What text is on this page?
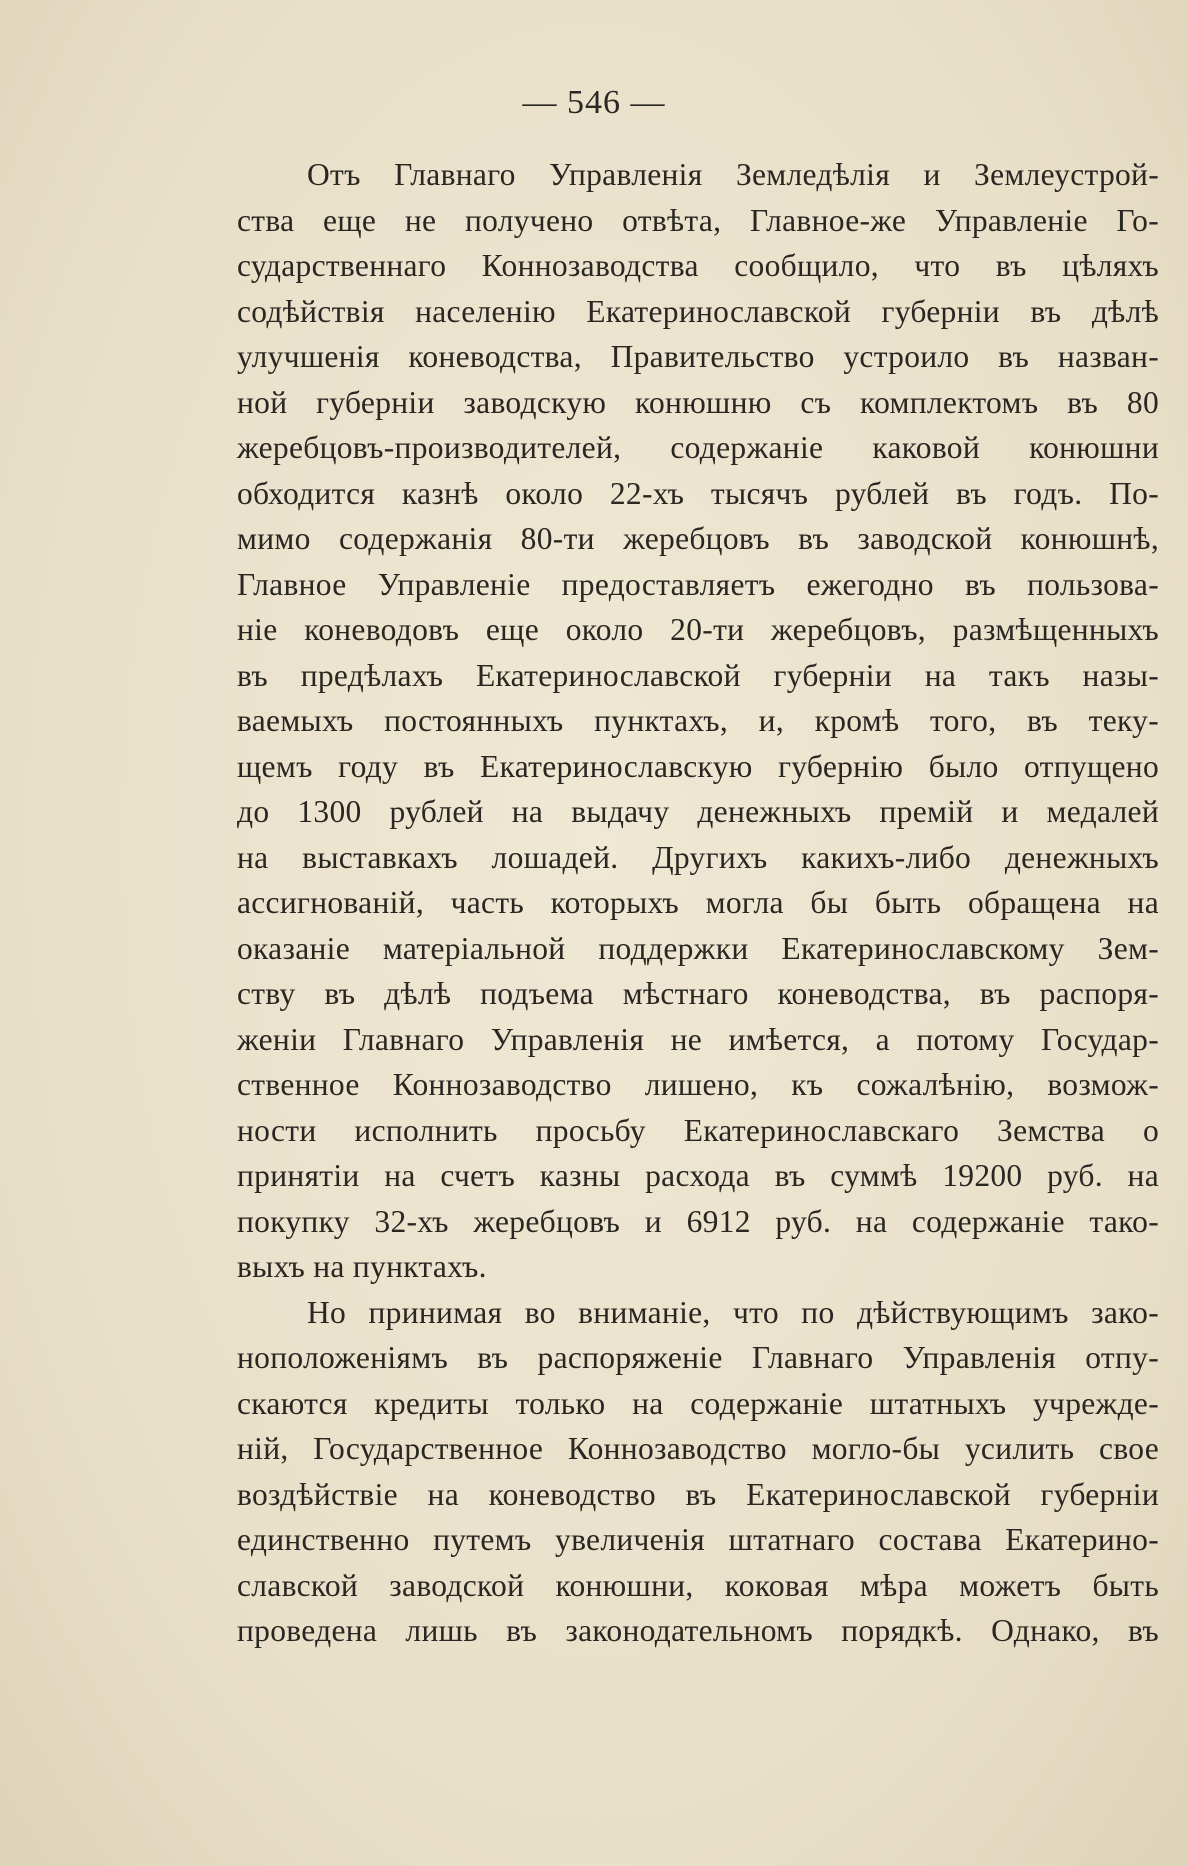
— 546 —
Отъ Главнаго Управленія Земледѣлія и Землеустрой-
ства еще не получено отвѣта, Главное-же Управленіе Го-
сударственнаго Коннозаводства сообщило, что въ цѣляхъ
содѣйствія населенію Екатеринославской губерніи въ дѣлѣ
улучшенія коневодства, Правительство устроило въ назван-
ной губерніи заводскую конюшню съ комплектомъ въ 80
жеребцовъ-производителей, содержаніе каковой конюшни
обходится казнѣ около 22-хъ тысячъ рублей въ годъ. По-
мимо содержанія 80-ти жеребцовъ въ заводской конюшнѣ,
Главное Управленіе предоставляетъ ежегодно въ пользова-
ніе коневодовъ еще около 20-ти жеребцовъ, размѣщенныхъ
въ предѣлахъ Екатеринославской губерніи на такъ назы-
ваемыхъ постоянныхъ пунктахъ, и, кромѣ того, въ теку-
щемъ году въ Екатеринославскую губернію было отпущено
до 1300 рублей на выдачу денежныхъ премій и медалей
на выставкахъ лошадей. Другихъ какихъ-либо денежныхъ
ассигнованій, часть которыхъ могла бы быть обращена на
оказаніе матеріальной поддержки Екатеринославскому Зем-
ству въ дѣлѣ подъема мѣстнаго коневодства, въ распоря-
женіи Главнаго Управленія не имѣется, а потому Государ-
ственное Коннозаводство лишено, къ сожалѣнію, возмож-
ности исполнить просьбу Екатеринославскаго Земства о
принятіи на счетъ казны расхода въ суммѣ 19200 руб. на
покупку 32-хъ жеребцовъ и 6912 руб. на содержаніе тако-
выхъ на пунктахъ.
Но принимая во вниманіе, что по дѣйствующимъ зако-
ноположеніямъ въ распоряженіе Главнаго Управленія отпу-
скаются кредиты только на содержаніе штатныхъ учрежде-
ній, Государственное Коннозаводство могло-бы усилить свое
воздѣйствіе на коневодство въ Екатеринославской губерніи
единственно путемъ увеличенія штатнаго состава Екатерино-
славской заводской конюшни, коковая мѣра можетъ быть
проведена лишь въ законодательномъ порядкѣ. Однако, въ
